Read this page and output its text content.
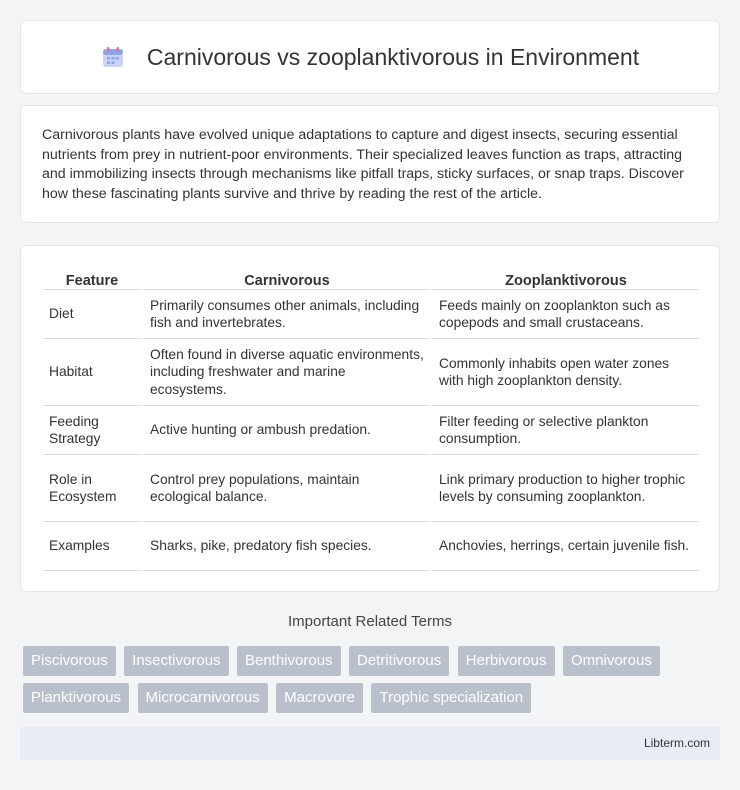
Carnivorous vs zooplanktivorous in Environment

Carnivorous plants have evolved unique adaptations to capture and digest insects, securing essential nutrients from prey in nutrient-poor environments. Their specialized leaves function as traps, attracting and immobilizing insects through mechanisms like pitfall traps, sticky surfaces, or snap traps. Discover how these fascinating plants survive and thrive by reading the rest of the article.

Feature	Carnivorous	Zooplanktivorous
Diet	Primarily consumes other animals, including fish and invertebrates.	Feeds mainly on zooplankton such as copepods and small crustaceans.
Habitat	Often found in diverse aquatic environments, including freshwater and marine ecosystems.	Commonly inhabits open water zones with high zooplankton density.
Feeding Strategy	Active hunting or ambush predation.	Filter feeding or selective plankton consumption.
Role in Ecosystem	Control prey populations, maintain ecological balance.	Link primary production to higher trophic levels by consuming zooplankton.
Examples	Sharks, pike, predatory fish species.	Anchovies, herrings, certain juvenile fish.
Important Related Terms
Piscivorous Insectivorous Benthivorous Detritivorous Herbivorous Omnivorous Planktivorous Microcarnivorous Macrovore Trophic specialization
Libterm.com
